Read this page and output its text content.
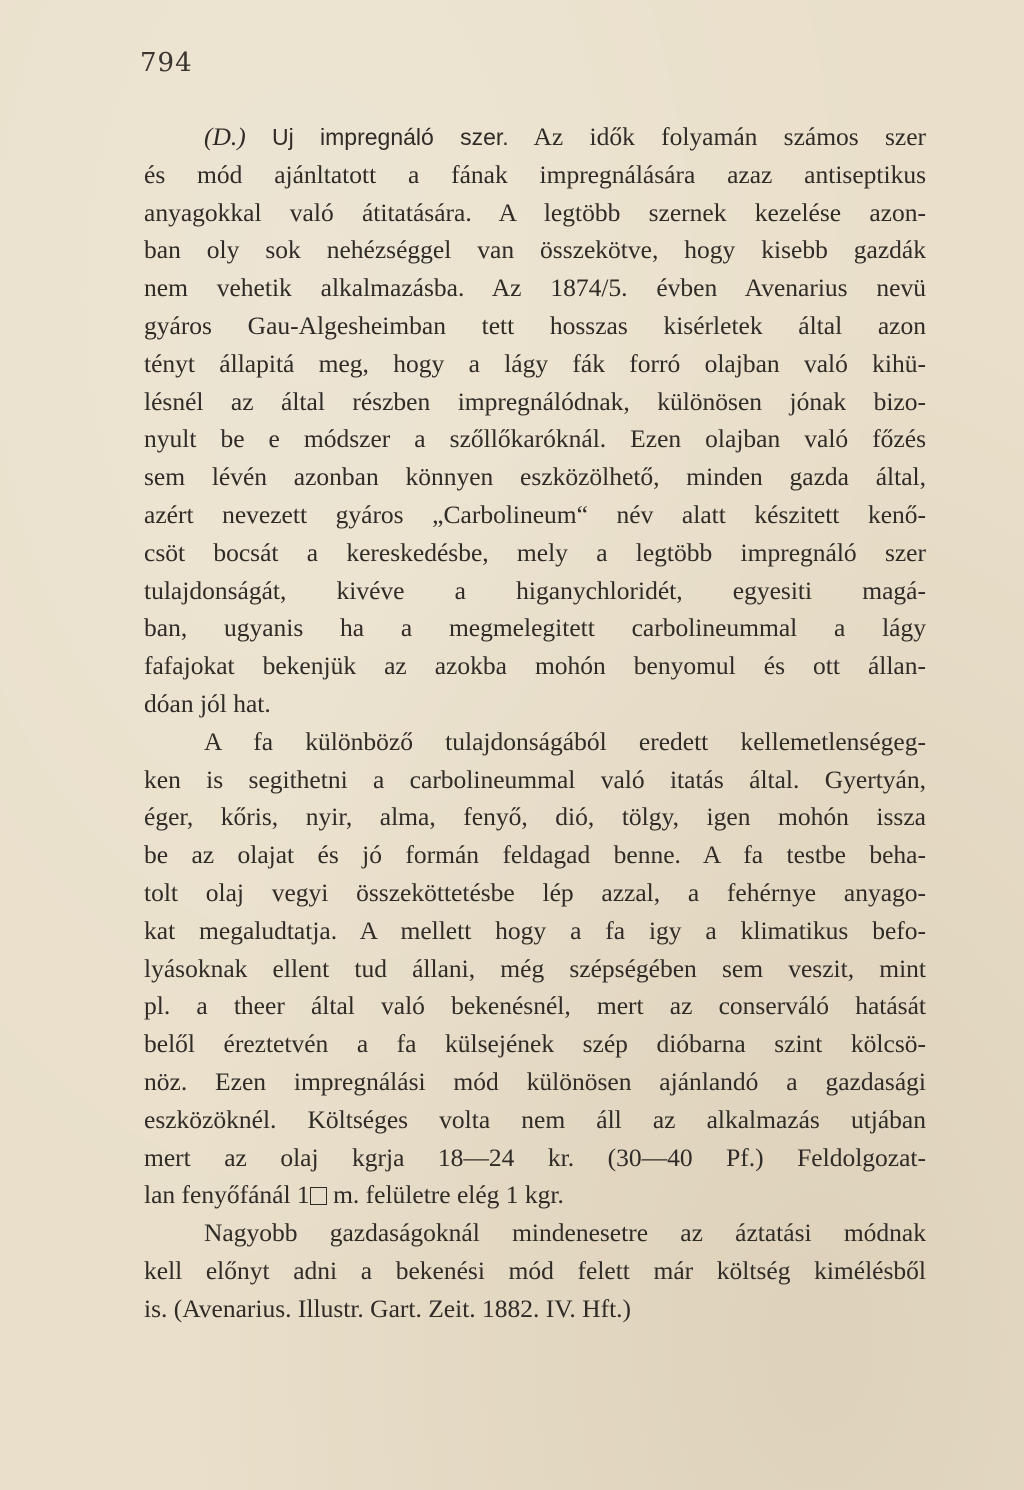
794
(D.) Uj impregnáló szer. Az idők folyamán számos szer
és mód ajánltatott a fának impregnálására azaz antiseptikus
anyagokkal való átitatására. A legtöbb szernek kezelése azon-
ban oly sok nehézséggel van összekötve, hogy kisebb gazdák
nem vehetik alkalmazásba. Az 1874/5. évben Avenarius nevü
gyáros Gau-Algesheimban tett hosszas kisérletek által azon
tényt állapitá meg, hogy a lágy fák forró olajban való kihü-
lésnél az által részben impregnálódnak, különösen jónak bizo-
nyult be e módszer a szőllőkaróknál. Ezen olajban való főzés
sem lévén azonban könnyen eszközölhető, minden gazda által,
azért nevezett gyáros „Carbolineum“ név alatt készitett kenő-
csöt bocsát a kereskedésbe, mely a legtöbb impregnáló szer
tulajdonságát, kivéve a higanychloridét, egyesiti magá-
ban, ugyanis ha a megmelegitett carbolineummal a lágy
fafajokat bekenjük az azokba mohón benyomul és ott állan-
dóan jól hat.
A fa különböző tulajdonságából eredett kellemetlenségeg-
ken is segithetni a carbolineummal való itatás által. Gyertyán,
éger, kőris, nyir, alma, fenyő, dió, tölgy, igen mohón issza
be az olajat és jó formán feldagad benne. A fa testbe beha-
tolt olaj vegyi összeköttetésbe lép azzal, a fehérnye anyago-
kat megaludtatja. A mellett hogy a fa igy a klimatikus befo-
lyásoknak ellent tud állani, még szépségében sem veszit, mint
pl. a theer által való bekenésnél, mert az conserváló hatását
belől éreztetvén a fa külsejének szép dióbarna szint kölcsö-
nöz. Ezen impregnálási mód különösen ajánlandó a gazdasági
eszközöknél. Költséges volta nem áll az alkalmazás utjában
mert az olaj kgrja 18—24 kr. (30—40 Pf.) Feldolgozat-
lan fenyőfánál 1 m. felületre elég 1 kgr.
Nagyobb gazdaságoknál mindenesetre az áztatási módnak
kell előnyt adni a bekenési mód felett már költség kimélésből
is. (Avenarius. Illustr. Gart. Zeit. 1882. IV. Hft.)
